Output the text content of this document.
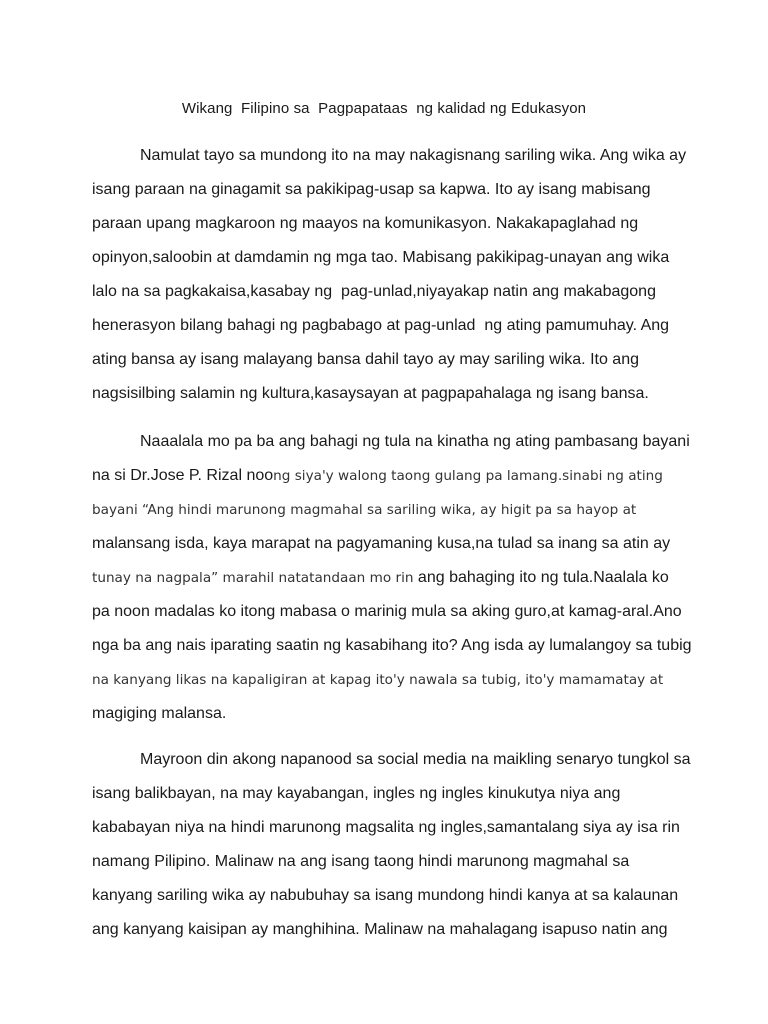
Wikang  Filipino sa  Pagpapataas  ng kalidad ng Edukasyon
Namulat tayo sa mundong ito na may nakagisnang sariling wika. Ang wika ay
isang paraan na ginagamit sa pakikipag-usap sa kapwa. Ito ay isang mabisang
paraan upang magkaroon ng maayos na komunikasyon. Nakakapaglahad ng
opinyon,saloobin at damdamin ng mga tao. Mabisang pakikipag-unayan ang wika
lalo na sa pagkakaisa,kasabay ng  pag-unlad,niyayakap natin ang makabagong
henerasyon bilang bahagi ng pagbabago at pag-unlad  ng ating pamumuhay. Ang
ating bansa ay isang malayang bansa dahil tayo ay may sariling wika. Ito ang
nagsisilbing salamin ng kultura,kasaysayan at pagpapahalaga ng isang bansa.
Naaalala mo pa ba ang bahagi ng tula na kinatha ng ating pambasang bayani
na si Dr.Jose P. Rizal noong siya'y walong taong gulang pa lamang.sinabi ng ating
bayani “Ang hindi marunong magmahal sa sariling wika, ay higit pa sa hayop at
malansang isda, kaya marapat na pagyamaning kusa,na tulad sa inang sa atin ay
tunay na nagpala” marahil natatandaan mo rin ang bahaging ito ng tula.Naalala ko
pa noon madalas ko itong mabasa o marinig mula sa aking guro,at kamag-aral.Ano
nga ba ang nais iparating saatin ng kasabihang ito? Ang isda ay lumalangoy sa tubig
na kanyang likas na kapaligiran at kapag ito'y nawala sa tubig, ito'y mamamatay at
magiging malansa.
Mayroon din akong napanood sa social media na maikling senaryo tungkol sa
isang balikbayan, na may kayabangan, ingles ng ingles kinukutya niya ang
kababayan niya na hindi marunong magsalita ng ingles,samantalang siya ay isa rin
namang Pilipino. Malinaw na ang isang taong hindi marunong magmahal sa
kanyang sariling wika ay nabubuhay sa isang mundong hindi kanya at sa kalaunan
ang kanyang kaisipan ay manghihina. Malinaw na mahalagang isapuso natin ang
